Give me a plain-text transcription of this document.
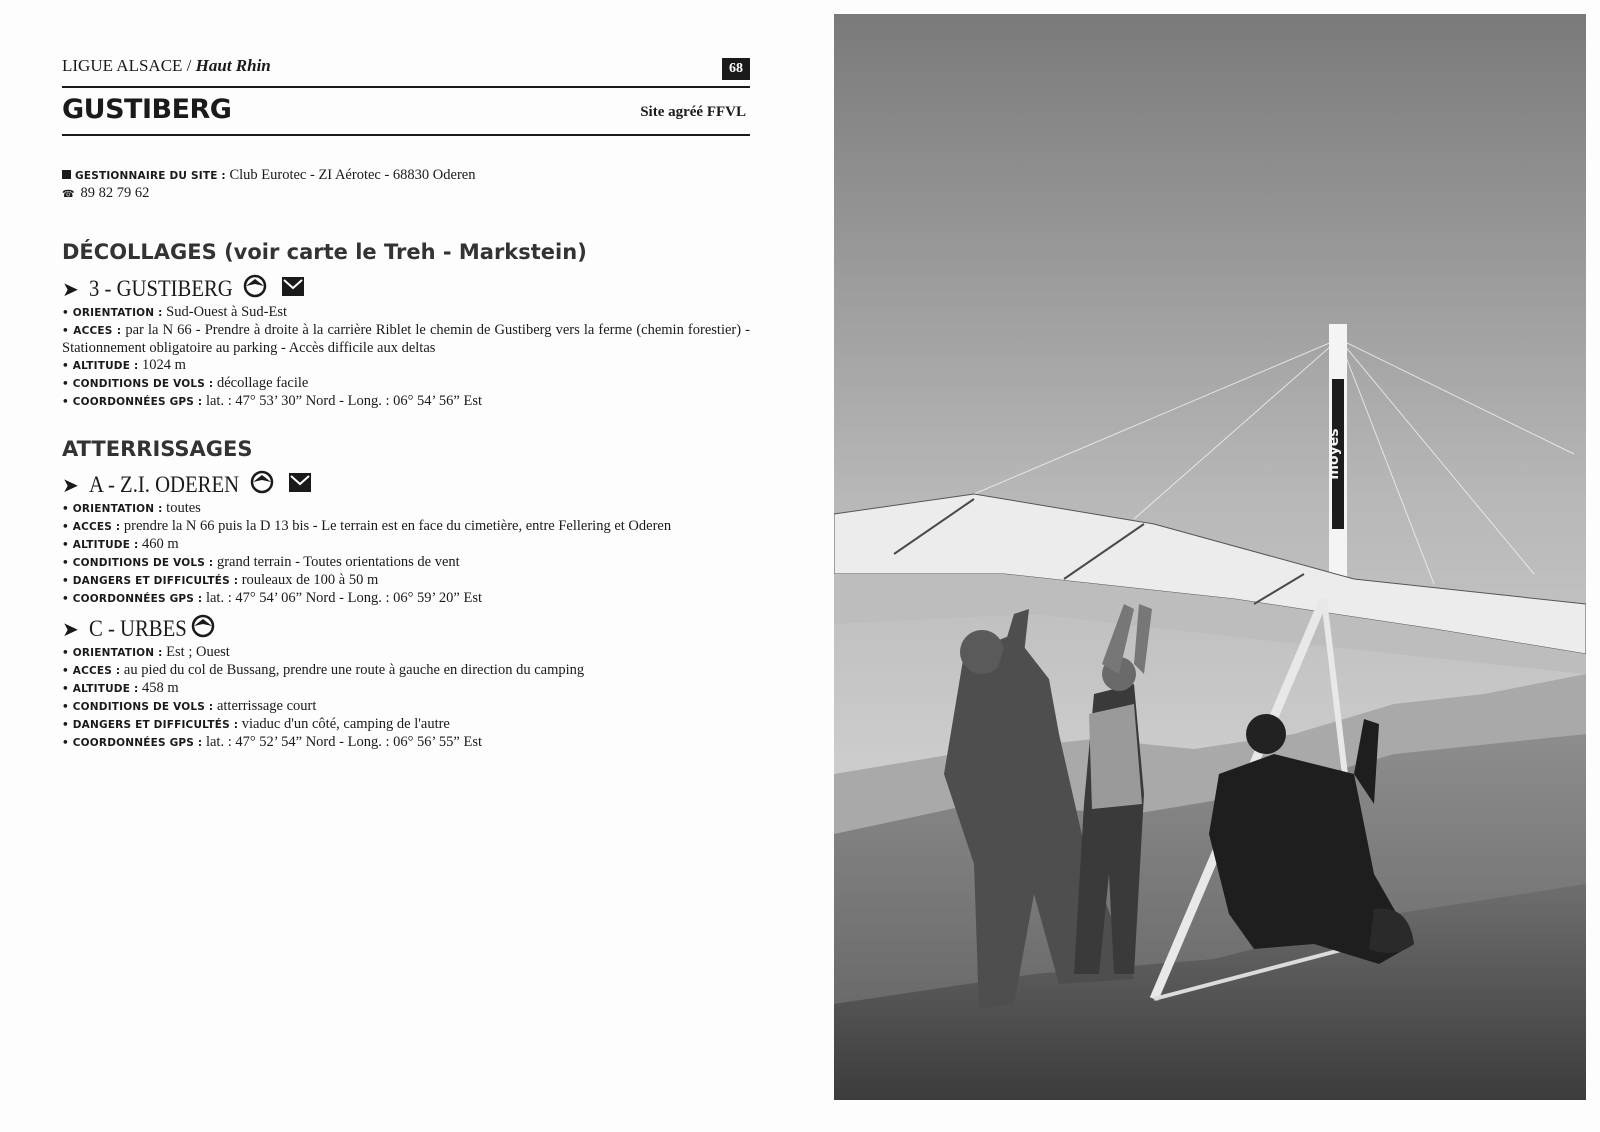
LIGUE ALSACE / Haut Rhin	68
GUSTIBERG	Site agréé FFVL
GESTIONNAIRE DU SITE : Club Eurotec - ZI Aérotec - 68830 Oderen
☎ 89 82 79 62
DÉCOLLAGES (voir carte le Treh - Markstein)
➤ 3 - GUSTIBERG
• ORIENTATION : Sud-Ouest à Sud-Est
• ACCES : par la N 66 - Prendre à droite à la carrière Riblet le chemin de Gustiberg vers la ferme (chemin forestier) - Stationnement obligatoire au parking - Accès difficile aux deltas
• ALTITUDE : 1024 m
• CONDITIONS DE VOLS : décollage facile
• COORDONNÉES GPS : lat. : 47° 53’ 30” Nord - Long. : 06° 54’ 56” Est
ATTERRISSAGES
➤ A - Z.I. ODEREN
• ORIENTATION : toutes
• ACCES : prendre la N 66 puis la D 13 bis - Le terrain est en face du cimetière, entre Fellering et Oderen
• ALTITUDE : 460 m
• CONDITIONS DE VOLS : grand terrain - Toutes orientations de vent
• DANGERS ET DIFFICULTÉS : rouleaux de 100 à 50 m
• COORDONNÉES GPS : lat. : 47° 54’ 06” Nord - Long. : 06° 59’ 20” Est
➤ C - URBES
• ORIENTATION : Est ; Ouest
• ACCES : au pied du col de Bussang, prendre une route à gauche en direction du camping
• ALTITUDE : 458 m
• CONDITIONS DE VOLS : atterrissage court
• DANGERS ET DIFFICULTÉS : viaduc d'un côté, camping de l'autre
• COORDONNÉES GPS : lat. : 47° 52’ 54” Nord - Long. : 06° 56’ 55” Est
moyes
